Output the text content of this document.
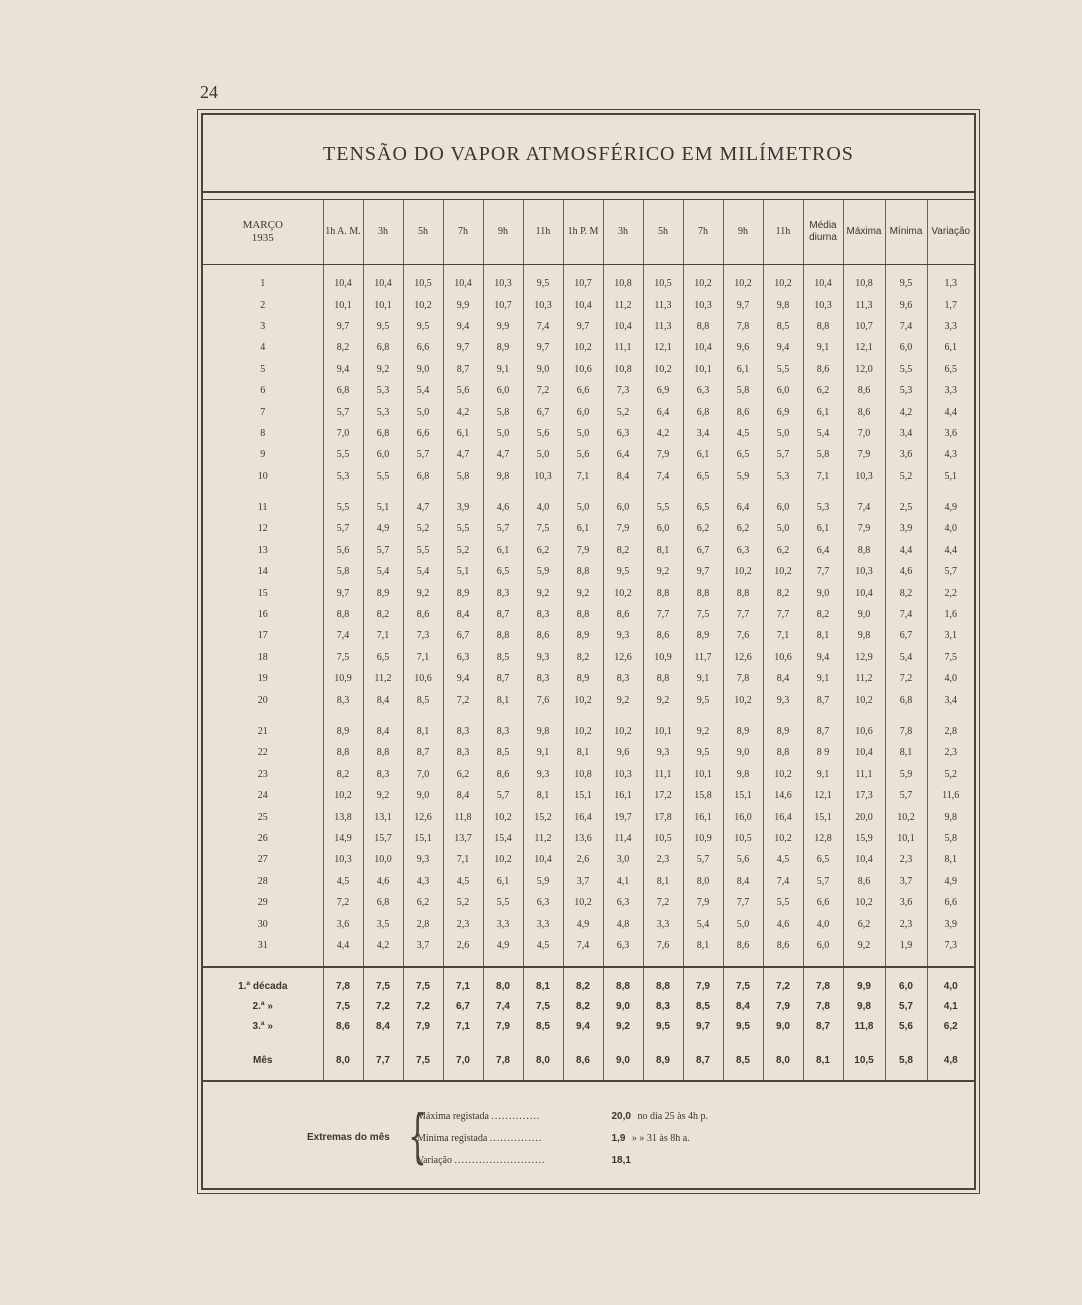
24
TENSÃO DO VAPOR ATMOSFÉRICO EM MILÍMETROS
MARÇO
1935	1h A. M.	3h	5h	7h	9h	11h	1h P. M	3h	5h	7h	9h	11h	Média diurna	Máxima	Mínima	Variação
1	10,4	10,4	10,5	10,4	10,3	9,5	10,7	10,8	10,5	10,2	10,2	10,2	10,4	10,8	9,5	1,3
2	10,1	10,1	10,2	9,9	10,7	10,3	10,4	11,2	11,3	10,3	9,7	9,8	10,3	11,3	9,6	1,7
3	9,7	9,5	9,5	9,4	9,9	7,4	9,7	10,4	11,3	8,8	7,8	8,5	8,8	10,7	7,4	3,3
4	8,2	6,8	6,6	9,7	8,9	9,7	10,2	11,1	12,1	10,4	9,6	9,4	9,1	12,1	6,0	6,1
5	9,4	9,2	9,0	8,7	9,1	9,0	10,6	10,8	10,2	10,1	6,1	5,5	8,6	12,0	5,5	6,5
6	6,8	5,3	5,4	5,6	6,0	7,2	6,6	7,3	6,9	6,3	5,8	6,0	6,2	8,6	5,3	3,3
7	5,7	5,3	5,0	4,2	5,8	6,7	6,0	5,2	6,4	6,8	8,6	6,9	6,1	8,6	4,2	4,4
8	7,0	6,8	6,6	6,1	5,0	5,6	5,0	6,3	4,2	3,4	4,5	5,0	5,4	7,0	3,4	3,6
9	5,5	6,0	5,7	4,7	4,7	5,0	5,6	6,4	7,9	6,1	6,5	5,7	5,8	7,9	3,6	4,3
10	5,3	5,5	6,8	5,8	9,8	10,3	7,1	8,4	7,4	6,5	5,9	5,3	7,1	10,3	5,2	5,1
11	5,5	5,1	4,7	3,9	4,6	4,0	5,0	6,0	5,5	6,5	6,4	6,0	5,3	7,4	2,5	4,9
12	5,7	4,9	5,2	5,5	5,7	7,5	6,1	7,9	6,0	6,2	6,2	5,0	6,1	7,9	3,9	4,0
13	5,6	5,7	5,5	5,2	6,1	6,2	7,9	8,2	8,1	6,7	6,3	6,2	6,4	8,8	4,4	4,4
14	5,8	5,4	5,4	5,1	6,5	5,9	8,8	9,5	9,2	9,7	10,2	10,2	7,7	10,3	4,6	5,7
15	9,7	8,9	9,2	8,9	8,3	9,2	9,2	10,2	8,8	8,8	8,8	8,2	9,0	10,4	8,2	2,2
16	8,8	8,2	8,6	8,4	8,7	8,3	8,8	8,6	7,7	7,5	7,7	7,7	8,2	9,0	7,4	1,6
17	7,4	7,1	7,3	6,7	8,8	8,6	8,9	9,3	8,6	8,9	7,6	7,1	8,1	9,8	6,7	3,1
18	7,5	6,5	7,1	6,3	8,5	9,3	8,2	12,6	10,9	11,7	12,6	10,6	9,4	12,9	5,4	7,5
19	10,9	11,2	10,6	9,4	8,7	8,3	8,9	8,3	8,8	9,1	7,8	8,4	9,1	11,2	7,2	4,0
20	8,3	8,4	8,5	7,2	8,1	7,6	10,2	9,2	9,2	9,5	10,2	9,3	8,7	10,2	6,8	3,4
21	8,9	8,4	8,1	8,3	8,3	9,8	10,2	10,2	10,1	9,2	8,9	8,9	8,7	10,6	7,8	2,8
22	8,8	8,8	8,7	8,3	8,5	9,1	8,1	9,6	9,3	9,5	9,0	8,8	8 9	10,4	8,1	2,3
23	8,2	8,3	7,0	6,2	8,6	9,3	10,8	10,3	11,1	10,1	9,8	10,2	9,1	11,1	5,9	5,2
24	10,2	9,2	9,0	8,4	5,7	8,1	15,1	16,1	17,2	15,8	15,1	14,6	12,1	17,3	5,7	11,6
25	13,8	13,1	12,6	11,8	10,2	15,2	16,4	19,7	17,8	16,1	16,0	16,4	15,1	20,0	10,2	9,8
26	14,9	15,7	15,1	13,7	15,4	11,2	13,6	11,4	10,5	10,9	10,5	10,2	12,8	15,9	10,1	5,8
27	10,3	10,0	9,3	7,1	10,2	10,4	2,6	3,0	2,3	5,7	5,6	4,5	6,5	10,4	2,3	8,1
28	4,5	4,6	4,3	4,5	6,1	5,9	3,7	4,1	8,1	8,0	8,4	7,4	5,7	8,6	3,7	4,9
29	7,2	6,8	6,2	5,2	5,5	6,3	10,2	6,3	7,2	7,9	7,7	5,5	6,6	10,2	3,6	6,6
30	3,6	3,5	2,8	2,3	3,3	3,3	4,9	4,8	3,3	5,4	5,0	4,6	4,0	6,2	2,3	3,9
31	4,4	4,2	3,7	2,6	4,9	4,5	7,4	6,3	7,6	8,1	8,6	8,6	6,0	9,2	1,9	7,3
1.ª década	7,8	7,5	7,5	7,1	8,0	8,1	8,2	8,8	8,8	7,9	7,5	7,2	7,8	9,9	6,0	4,0
2.ª »	7,5	7,2	7,2	6,7	7,4	7,5	8,2	9,0	8,3	8,5	8,4	7,9	7,8	9,8	5,7	4,1
3.ª »	8,6	8,4	7,9	7,1	7,9	8,5	9,4	9,2	9,5	9,7	9,5	9,0	8,7	11,8	5,6	6,2
Mês	8,0	7,7	7,5	7,0	7,8	8,0	8,6	9,0	8,9	8,7	8,5	8,0	8,1	10,5	5,8	4,8
Extremas do mês {
Máxima registada ..............	20,0 no dia 25 às 4h p.
Mínima registada ...............	1,9 » » 31 às 8h a.
Variação ..........................	18,1
